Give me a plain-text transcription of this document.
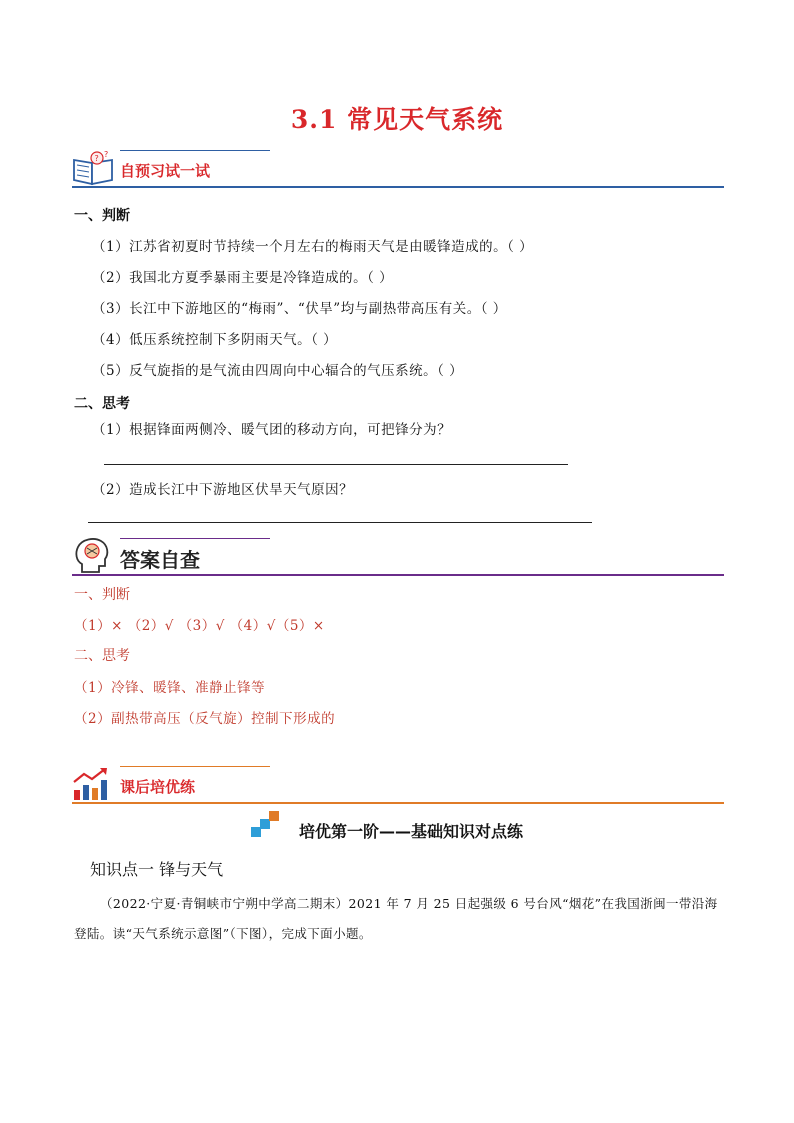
3.1 常见天气系统
? ?
自预习试一试
一、判断
（1）江苏省初夏时节持续一个月左右的梅雨天气是由暖锋造成的。（ ）
（2）我国北方夏季暴雨主要是冷锋造成的。（ ）
（3）长江中下游地区的“梅雨”、“伏旱”均与副热带高压有关。（ ）
（4）低压系统控制下多阴雨天气。（ ）
（5）反气旋指的是气流由四周向中心辐合的气压系统。（ ）
二、思考
（1）根据锋面两侧冷、暖气团的移动方向，可把锋分为？
（2）造成长江中下游地区伏旱天气原因？
答案自查
一、判断
（1）× （2）√ （3）√ （4）√（5）×
二、思考
（1）冷锋、暖锋、准静止锋等
（2）副热带高压（反气旋）控制下形成的
课后培优练
培优第一阶——基础知识对点练
知识点一 锋与天气
（2022·宁夏·青铜峡市宁朔中学高二期末）2021 年 7 月 25 日起强级 6 号台风“烟花”在我国浙闽一带沿海登陆。读“天气系统示意图”（下图），完成下面小题。
